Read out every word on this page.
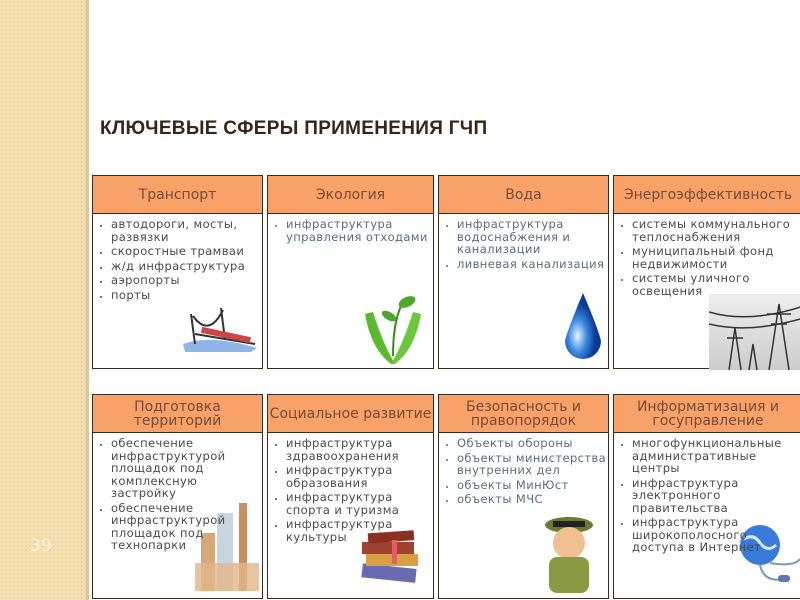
39
КЛЮЧЕВЫЕ СФЕРЫ ПРИМЕНЕНИЯ ГЧП
Транспорт
• автодороги, мосты, развязки
• скоростные трамваи
• ж/д инфраструктура
• аэропорты
• порты
Экология
• инфраструктура управления отходами
Вода
• инфраструктура водоснабжения и канализации
• ливневая канализация
Энергоэффективность
• системы коммунального теплоснабжения
• муниципальный фонд недвижимости
• системы уличного освещения
Подготовка территорий
• обеспечение инфраструктурой площадок под комплексную застройку
• обеспечение инфраструктурой площадок под технопарки
Социальное развитие
• инфраструктура здравоохранения
• инфраструктура образования
• инфраструктура спорта и туризма
• инфраструктура культуры
Безопасность и правопорядок
• Объекты обороны
• объекты министерства внутренних дел
• объекты МинЮст
• объекты МЧС
Информатизация и госуправление
• многофункциональные административные центры
• инфраструктура электронного правительства
• инфраструктура широкополосного доступа в Интернет
